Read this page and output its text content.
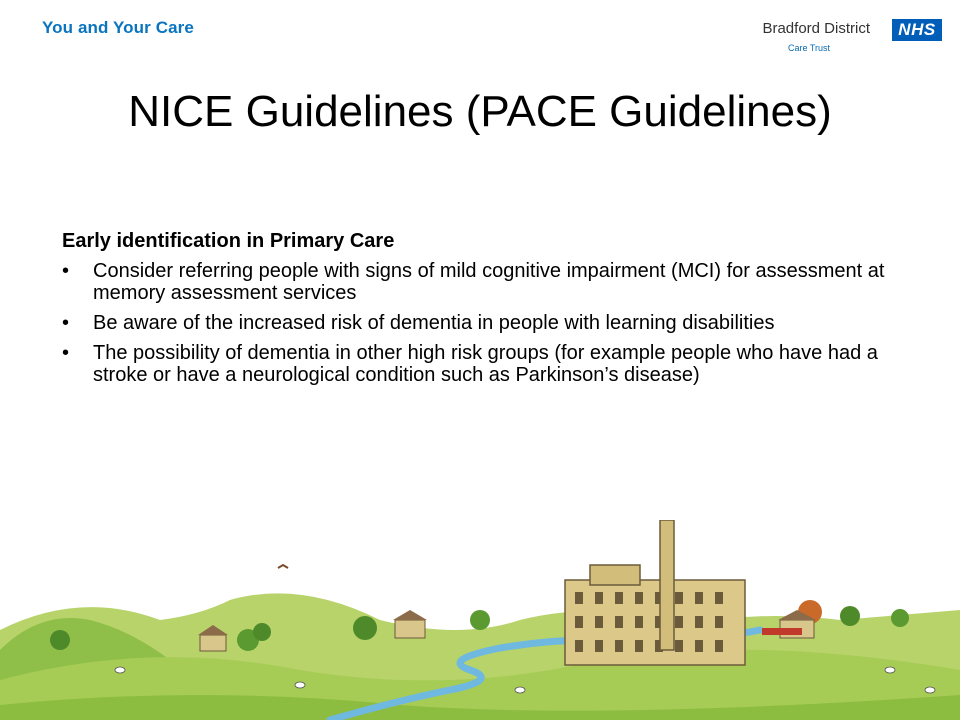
You and Your Care	Bradford District
Care Trust
NHS
NICE Guidelines (PACE Guidelines)
Early identification in Primary Care
• Consider referring people with signs of mild cognitive impairment (MCI) for assessment at memory assessment services
• Be aware of the increased risk of dementia in people with learning disabilities
• The possibility of dementia in other high risk groups (for example people who have had a stroke or have a neurological condition such as Parkinson’s disease)
